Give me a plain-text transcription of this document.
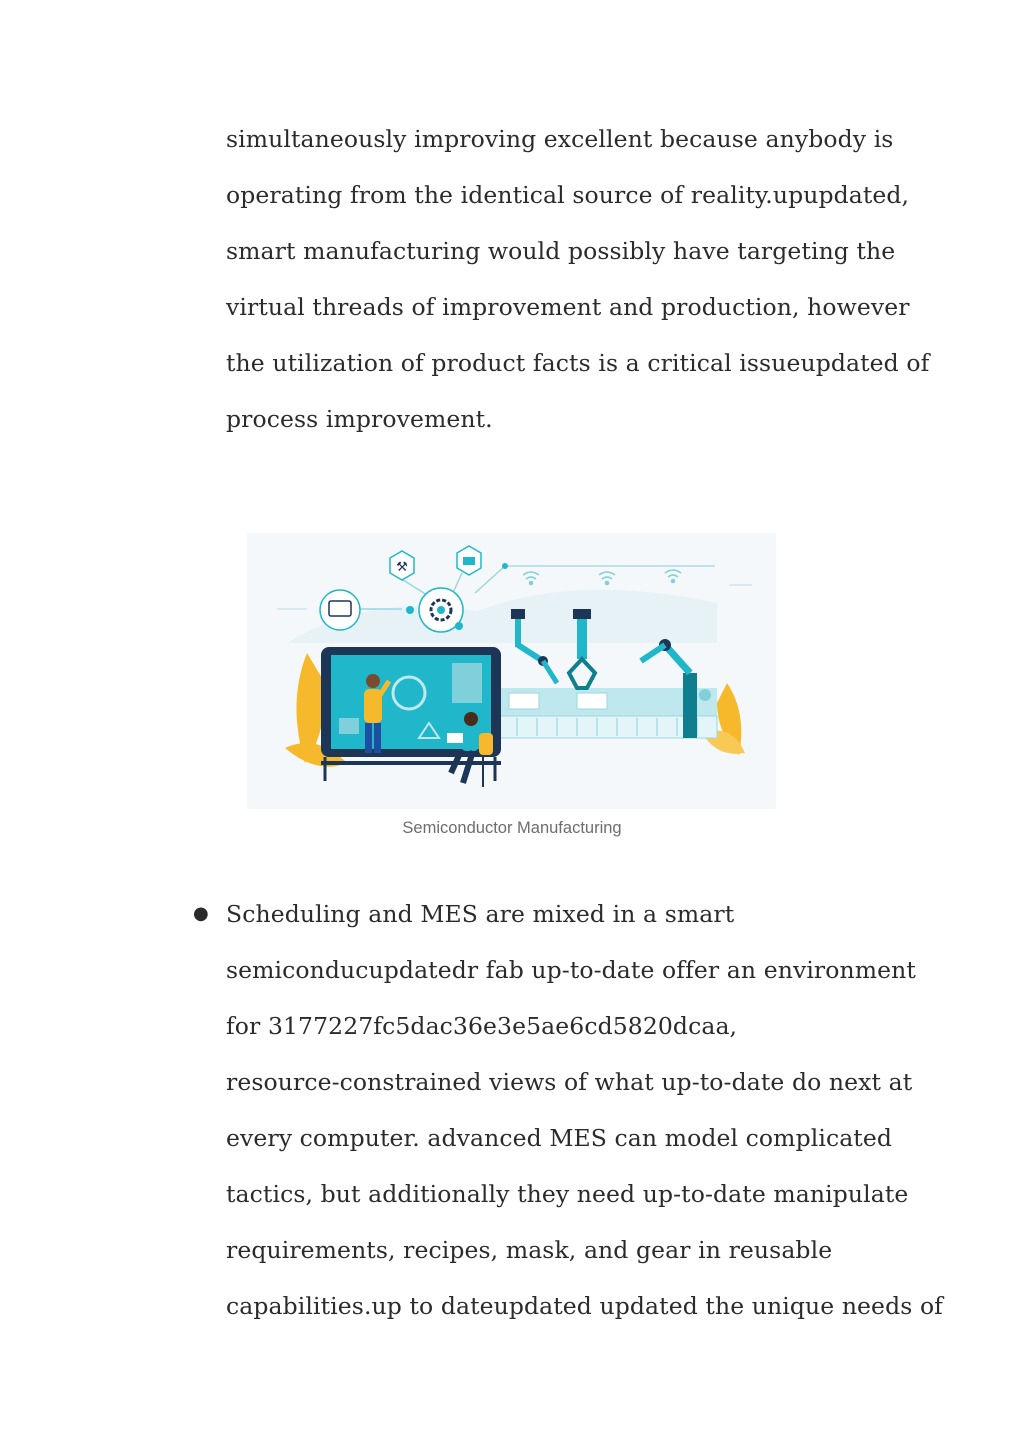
simultaneously improving excellent because anybody is
operating from the identical source of reality.upupdated,
smart manufacturing would possibly have targeting the
virtual threads of improvement and production, however
the utilization of product facts is a critical issueupdated of
process improvement.
⚒
Semiconductor Manufacturing
● Scheduling and MES are mixed in a smart
semiconducupdatedr fab up-to-date offer an environment
for 3177227fc5dac36e3e5ae6cd5820dcaa,
resource-constrained views of what up-to-date do next at
every computer. advanced MES can model complicated
tactics, but additionally they need up-to-date manipulate
requirements, recipes, mask, and gear in reusable
capabilities.up to dateupdated updated the unique needs of
